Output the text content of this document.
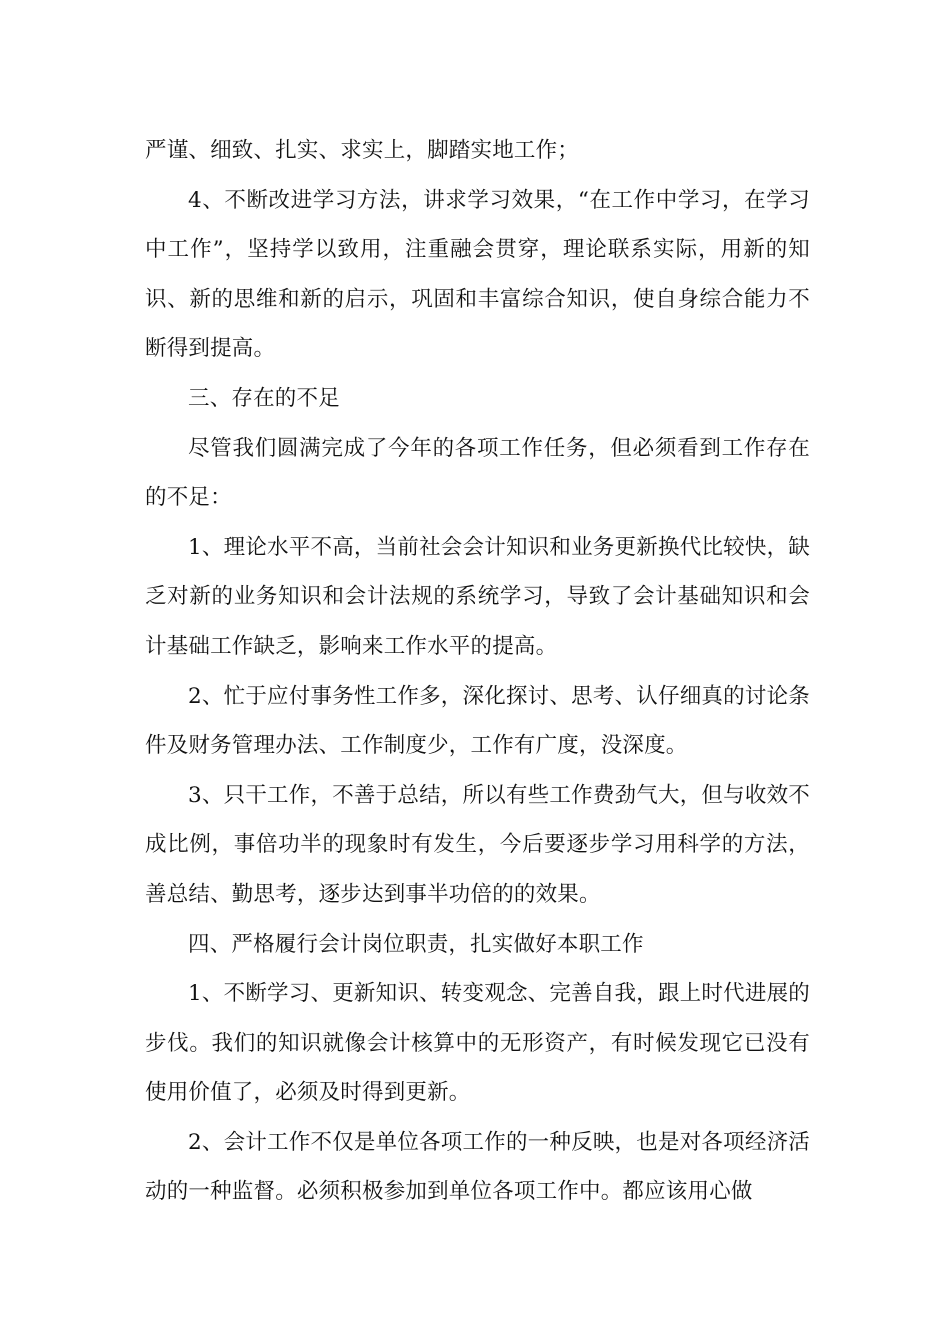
严谨、细致、扎实、求实上，脚踏实地工作；

4、不断改进学习方法，讲求学习效果，“在工作中学习，在学习中工作”，坚持学以致用，注重融会贯穿，理论联系实际，用新的知识、新的思维和新的启示，巩固和丰富综合知识，使自身综合能力不断得到提高。

三、存在的不足

尽管我们圆满完成了今年的各项工作任务，但必须看到工作存在的不足：

1、理论水平不高，当前社会会计知识和业务更新换代比较快，缺乏对新的业务知识和会计法规的系统学习，导致了会计基础知识和会计基础工作缺乏，影响来工作水平的提高。

2、忙于应付事务性工作多，深化探讨、思考、认仔细真的讨论条件及财务管理办法、工作制度少，工作有广度，没深度。

3、只干工作，不善于总结，所以有些工作费劲气大，但与收效不成比例，事倍功半的现象时有发生，今后要逐步学习用科学的方法，善总结、勤思考，逐步达到事半功倍的的效果。

四、严格履行会计岗位职责，扎实做好本职工作

1、不断学习、更新知识、转变观念、完善自我，跟上时代进展的步伐。我们的知识就像会计核算中的无形资产，有时候发现它已没有使用价值了，必须及时得到更新。

2、会计工作不仅是单位各项工作的一种反映，也是对各项经济活动的一种监督。必须积极参加到单位各项工作中。都应该用心做
